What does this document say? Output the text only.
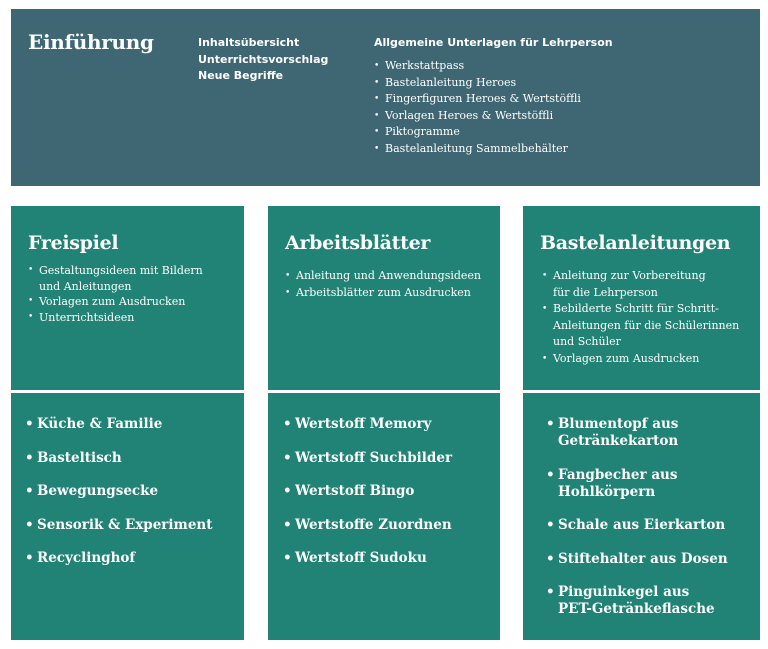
Einführung	Inhaltsübersicht
Unterrichtsvorschlag
Neue Begriffe
Allgemeine Unterlagen für Lehrperson
• Werkstattpass
• Bastelanleitung Heroes
• Fingerfiguren Heroes & Wertstöffli
• Vorlagen Heroes & Wertstöffli
• Piktogramme
• Bastelanleitung Sammelbehälter
Freispiel
• Gestaltungsideen mit Bildern
und Anleitungen
• Vorlagen zum Ausdrucken
• Unterrichtsideen
• Küche & Familie
• Basteltisch
• Bewegungsecke
• Sensorik & Experiment
• Recyclinghof
Arbeitsblätter
• Anleitung und Anwendungsideen
• Arbeitsblätter zum Ausdrucken
• Wertstoff Memory
• Wertstoff Suchbilder
• Wertstoff Bingo
• Wertstoffe Zuordnen
• Wertstoff Sudoku
Bastelanleitungen
• Anleitung zur Vorbereitung
für die Lehrperson
• Bebilderte Schritt für Schritt-
Anleitungen für die Schülerinnen
und Schüler
• Vorlagen zum Ausdrucken
• Blumentopf aus
Getränkekarton
• Fangbecher aus
Hohlkörpern
• Schale aus Eierkarton
• Stiftehalter aus Dosen
• Pinguinkegel aus
PET-Getränkeflasche
